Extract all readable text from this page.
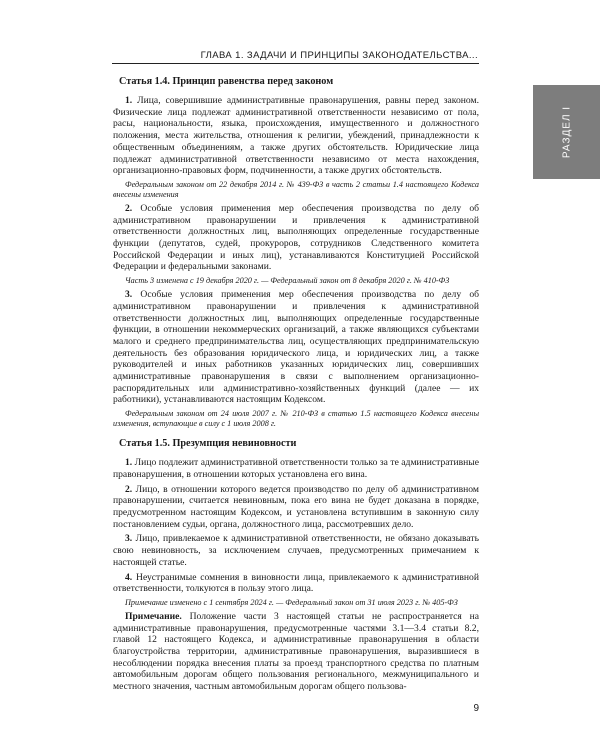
ГЛАВА 1. ЗАДАЧИ И ПРИНЦИПЫ ЗАКОНОДАТЕЛЬСТВА...
РАЗДЕЛ I
Статья 1.4. Принцип равенства перед законом

1. Лица, совершившие административные правонарушения, равны перед законом. Физические лица подлежат административной ответственности независимо от пола, расы, национальности, языка, происхождения, имущественного и должностного положения, места жительства, отношения к религии, убеждений, принадлежности к общественным объединениям, а также других обстоятельств. Юридические лица подлежат административной ответственности независимо от места нахождения, организационно-правовых форм, подчиненности, а также других обстоятельств.

Федеральным законом от 22 декабря 2014 г. № 439-ФЗ в часть 2 статьи 1.4 настоящего Кодекса внесены изменения

2. Особые условия применения мер обеспечения производства по делу об административном правонарушении и привлечения к административной ответственности должностных лиц, выполняющих определенные государственные функции (депутатов, судей, прокуроров, сотрудников Следственного комитета Российской Федерации и иных лиц), устанавливаются Конституцией Российской Федерации и федеральными законами.

Часть 3 изменена с 19 декабря 2020 г. — Федеральный закон от 8 декабря 2020 г. № 410-ФЗ

3. Особые условия применения мер обеспечения производства по делу об административном правонарушении и привлечения к административной ответственности должностных лиц, выполняющих определенные государственные функции, в отношении некоммерческих организаций, а также являющихся субъектами малого и среднего предпринимательства лиц, осуществляющих предпринимательскую деятельность без образования юридического лица, и юридических лиц, а также руководителей и иных работников указанных юридических лиц, совершивших административные правонарушения в связи с выполнением организационно-распорядительных или административно-хозяйственных функций (далее — их работники), устанавливаются настоящим Кодексом.

Федеральным законом от 24 июля 2007 г. № 210-ФЗ в статью 1.5 настоящего Кодекса внесены изменения, вступающие в силу с 1 июля 2008 г.
Статья 1.5. Презумпция невиновности

1. Лицо подлежит административной ответственности только за те административные правонарушения, в отношении которых установлена его вина.

2. Лицо, в отношении которого ведется производство по делу об административном правонарушении, считается невиновным, пока его вина не будет доказана в порядке, предусмотренном настоящим Кодексом, и установлена вступившим в законную силу постановлением судьи, органа, должностного лица, рассмотревших дело.

3. Лицо, привлекаемое к административной ответственности, не обязано доказывать свою невиновность, за исключением случаев, предусмотренных примечанием к настоящей статье.

4. Неустранимые сомнения в виновности лица, привлекаемого к административной ответственности, толкуются в пользу этого лица.

Примечание изменено с 1 сентября 2024 г. — Федеральный закон от 31 июля 2023 г. № 405-ФЗ

Примечание. Положение части 3 настоящей статьи не распространяется на административные правонарушения, предусмотренные частями 3.1—3.4 статьи 8.2, главой 12 настоящего Кодекса, и административные правонарушения в области благоустройства территории, административные правонарушения, выразившиеся в несоблюдении порядка внесения платы за проезд транспортного средства по платным автомобильным дорогам общего пользования регионального, межмуниципального и местного значения, частным автомобильным дорогам общего пользова-

9
